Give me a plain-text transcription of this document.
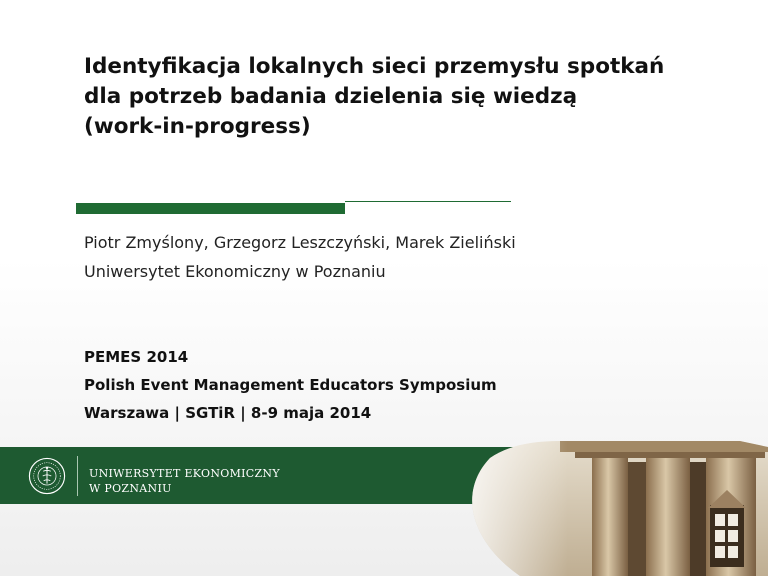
Identyfikacja lokalnych sieci przemysłu spotkań
dla potrzeb badania dzielenia się wiedzą
(work-in-progress)
Piotr Zmyślony, Grzegorz Leszczyński, Marek Zieliński
Uniwersytet Ekonomiczny w Poznaniu
PEMES 2014
Polish Event Management Educators Symposium
Warszawa | SGTiR | 8-9 maja 2014
UNIWERSYTET EKONOMICZNY
W POZNANIU
